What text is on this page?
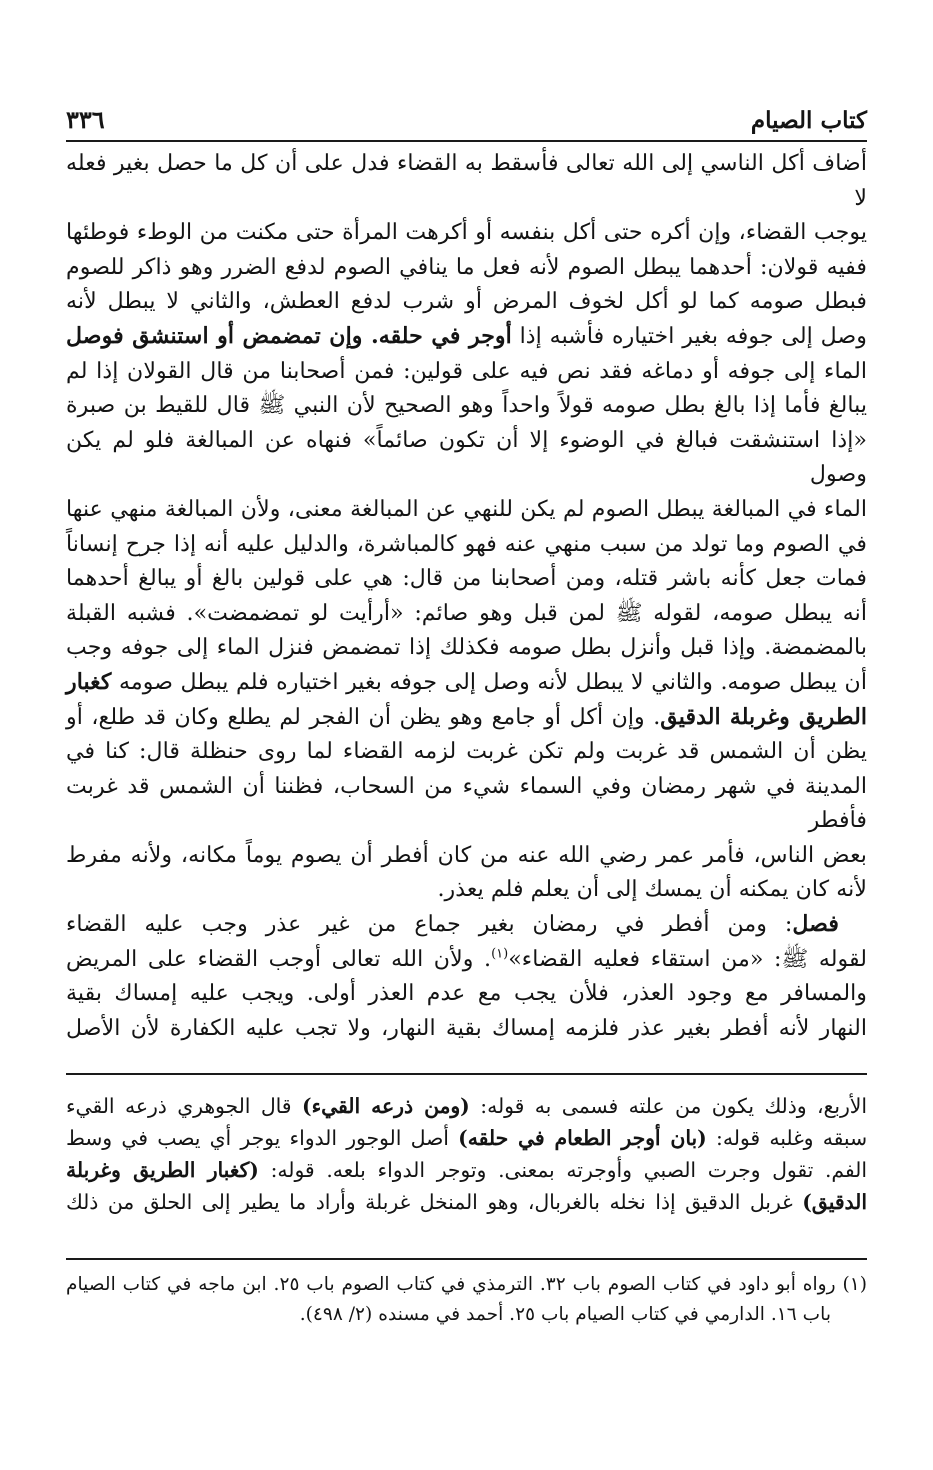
كتاب الصيام
٣٣٦

أضاف أكل الناسي إلى الله تعالى فأسقط به القضاء فدل على أن كل ما حصل بغير فعله لا

يوجب القضاء، وإن أكره حتى أكل بنفسه أو أكرهت المرأة حتى مكنت من الوطء فوطئها

ففيه قولان: أحدهما يبطل الصوم لأنه فعل ما ينافي الصوم لدفع الضرر وهو ذاكر للصوم

فبطل صومه كما لو أكل لخوف المرض أو شرب لدفع العطش، والثاني لا يبطل لأنه

وصل إلى جوفه بغير اختياره فأشبه إذا أوجر في حلقه. وإن تمضمض أو استنشق فوصل

الماء إلى جوفه أو دماغه فقد نص فيه على قولين: فمن أصحابنا من قال القولان إذا لم

يبالغ فأما إذا بالغ بطل صومه قولاً واحداً وهو الصحيح لأن النبي ﷺ قال للقيط بن صبرة

«إذا استنشقت فبالغ في الوضوء إلا أن تكون صائماً» فنهاه عن المبالغة فلو لم يكن وصول

الماء في المبالغة يبطل الصوم لم يكن للنهي عن المبالغة معنى، ولأن المبالغة منهي عنها

في الصوم وما تولد من سبب منهي عنه فهو كالمباشرة، والدليل عليه أنه إذا جرح إنساناً

فمات جعل كأنه باشر قتله، ومن أصحابنا من قال: هي على قولين بالغ أو يبالغ أحدهما

أنه يبطل صومه، لقوله ﷺ لمن قبل وهو صائم: «أرأيت لو تمضمضت». فشبه القبلة

بالمضمضة. وإذا قبل وأنزل بطل صومه فكذلك إذا تمضمض فنزل الماء إلى جوفه وجب

أن يبطل صومه. والثاني لا يبطل لأنه وصل إلى جوفه بغير اختياره فلم يبطل صومه كغبار

الطريق وغربلة الدقيق. وإن أكل أو جامع وهو يظن أن الفجر لم يطلع وكان قد طلع، أو

يظن أن الشمس قد غربت ولم تكن غربت لزمه القضاء لما روى حنظلة قال: كنا في

المدينة في شهر رمضان وفي السماء شيء من السحاب، فظننا أن الشمس قد غربت فأفطر

بعض الناس، فأمر عمر رضي الله عنه من كان أفطر أن يصوم يوماً مكانه، ولأنه مفرط

لأنه كان يمكنه أن يمسك إلى أن يعلم فلم يعذر.

فصل: ومن أفطر في رمضان بغير جماع من غير عذر وجب عليه القضاء

لقوله ﷺ: «من استقاء فعليه القضاء»$^{(١)}$. ولأن الله تعالى أوجب القضاء على المريض

والمسافر مع وجود العذر، فلأن يجب مع عدم العذر أولى. ويجب عليه إمساك بقية

النهار لأنه أفطر بغير عذر فلزمه إمساك بقية النهار، ولا تجب عليه الكفارة لأن الأصل

الأربع، وذلك يكون من علته فسمى به قوله: (ومن ذرعه القيء) قال الجوهري ذرعه القيء

سبقه وغلبه قوله: (بان أوجر الطعام في حلقه) أصل الوجور الدواء يوجر أي يصب في وسط

الفم. تقول وجرت الصبي وأوجرته بمعنى. وتوجر الدواء بلعه. قوله: (كغبار الطريق وغربلة

الدقيق) غربل الدقيق إذا نخله بالغربال، وهو المنخل غربلة وأراد ما يطير إلى الحلق من ذلك

(١) رواه أبو داود في كتاب الصوم باب ٣٢. الترمذي في كتاب الصوم باب ٢٥. ابن ماجه في كتاب الصيام
باب ١٦. الدارمي في كتاب الصيام باب ٢٥. أحمد في مسنده (٢/ ٤٩٨).
